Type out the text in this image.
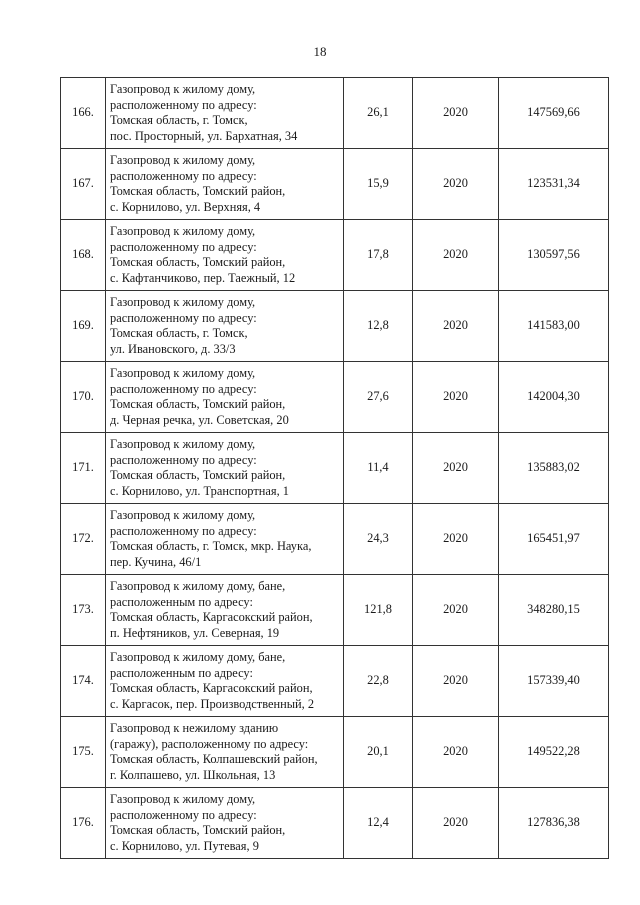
18
166.	Газопровод к жилому дому,
расположенному по адресу:
Томская область, г. Томск,
пос. Просторный, ул. Бархатная, 34	26,1	2020	147569,66
167.	Газопровод к жилому дому,
расположенному по адресу:
Томская область, Томский район,
с. Корнилово, ул. Верхняя, 4	15,9	2020	123531,34
168.	Газопровод к жилому дому,
расположенному по адресу:
Томская область, Томский район,
с. Кафтанчиково, пер. Таежный, 12	17,8	2020	130597,56
169.	Газопровод к жилому дому,
расположенному по адресу:
Томская область, г. Томск,
ул. Ивановского, д. 33/3	12,8	2020	141583,00
170.	Газопровод к жилому дому,
расположенному по адресу:
Томская область, Томский район,
д. Черная речка, ул. Советская, 20	27,6	2020	142004,30
171.	Газопровод к жилому дому,
расположенному по адресу:
Томская область, Томский район,
с. Корнилово, ул. Транспортная, 1	11,4	2020	135883,02
172.	Газопровод к жилому дому,
расположенному по адресу:
Томская область, г. Томск, мкр. Наука,
пер. Кучина, 46/1	24,3	2020	165451,97
173.	Газопровод к жилому дому, бане,
расположенным по адресу:
Томская область, Каргасокский район,
п. Нефтяников, ул. Северная, 19	121,8	2020	348280,15
174.	Газопровод к жилому дому, бане,
расположенным по адресу:
Томская область, Каргасокский район,
с. Каргасок, пер. Производственный, 2	22,8	2020	157339,40
175.	Газопровод к нежилому зданию
(гаражу), расположенному по адресу:
Томская область, Колпашевский район,
г. Колпашево, ул. Школьная, 13	20,1	2020	149522,28
176.	Газопровод к жилому дому,
расположенному по адресу:
Томская область, Томский район,
с. Корнилово, ул. Путевая, 9	12,4	2020	127836,38
